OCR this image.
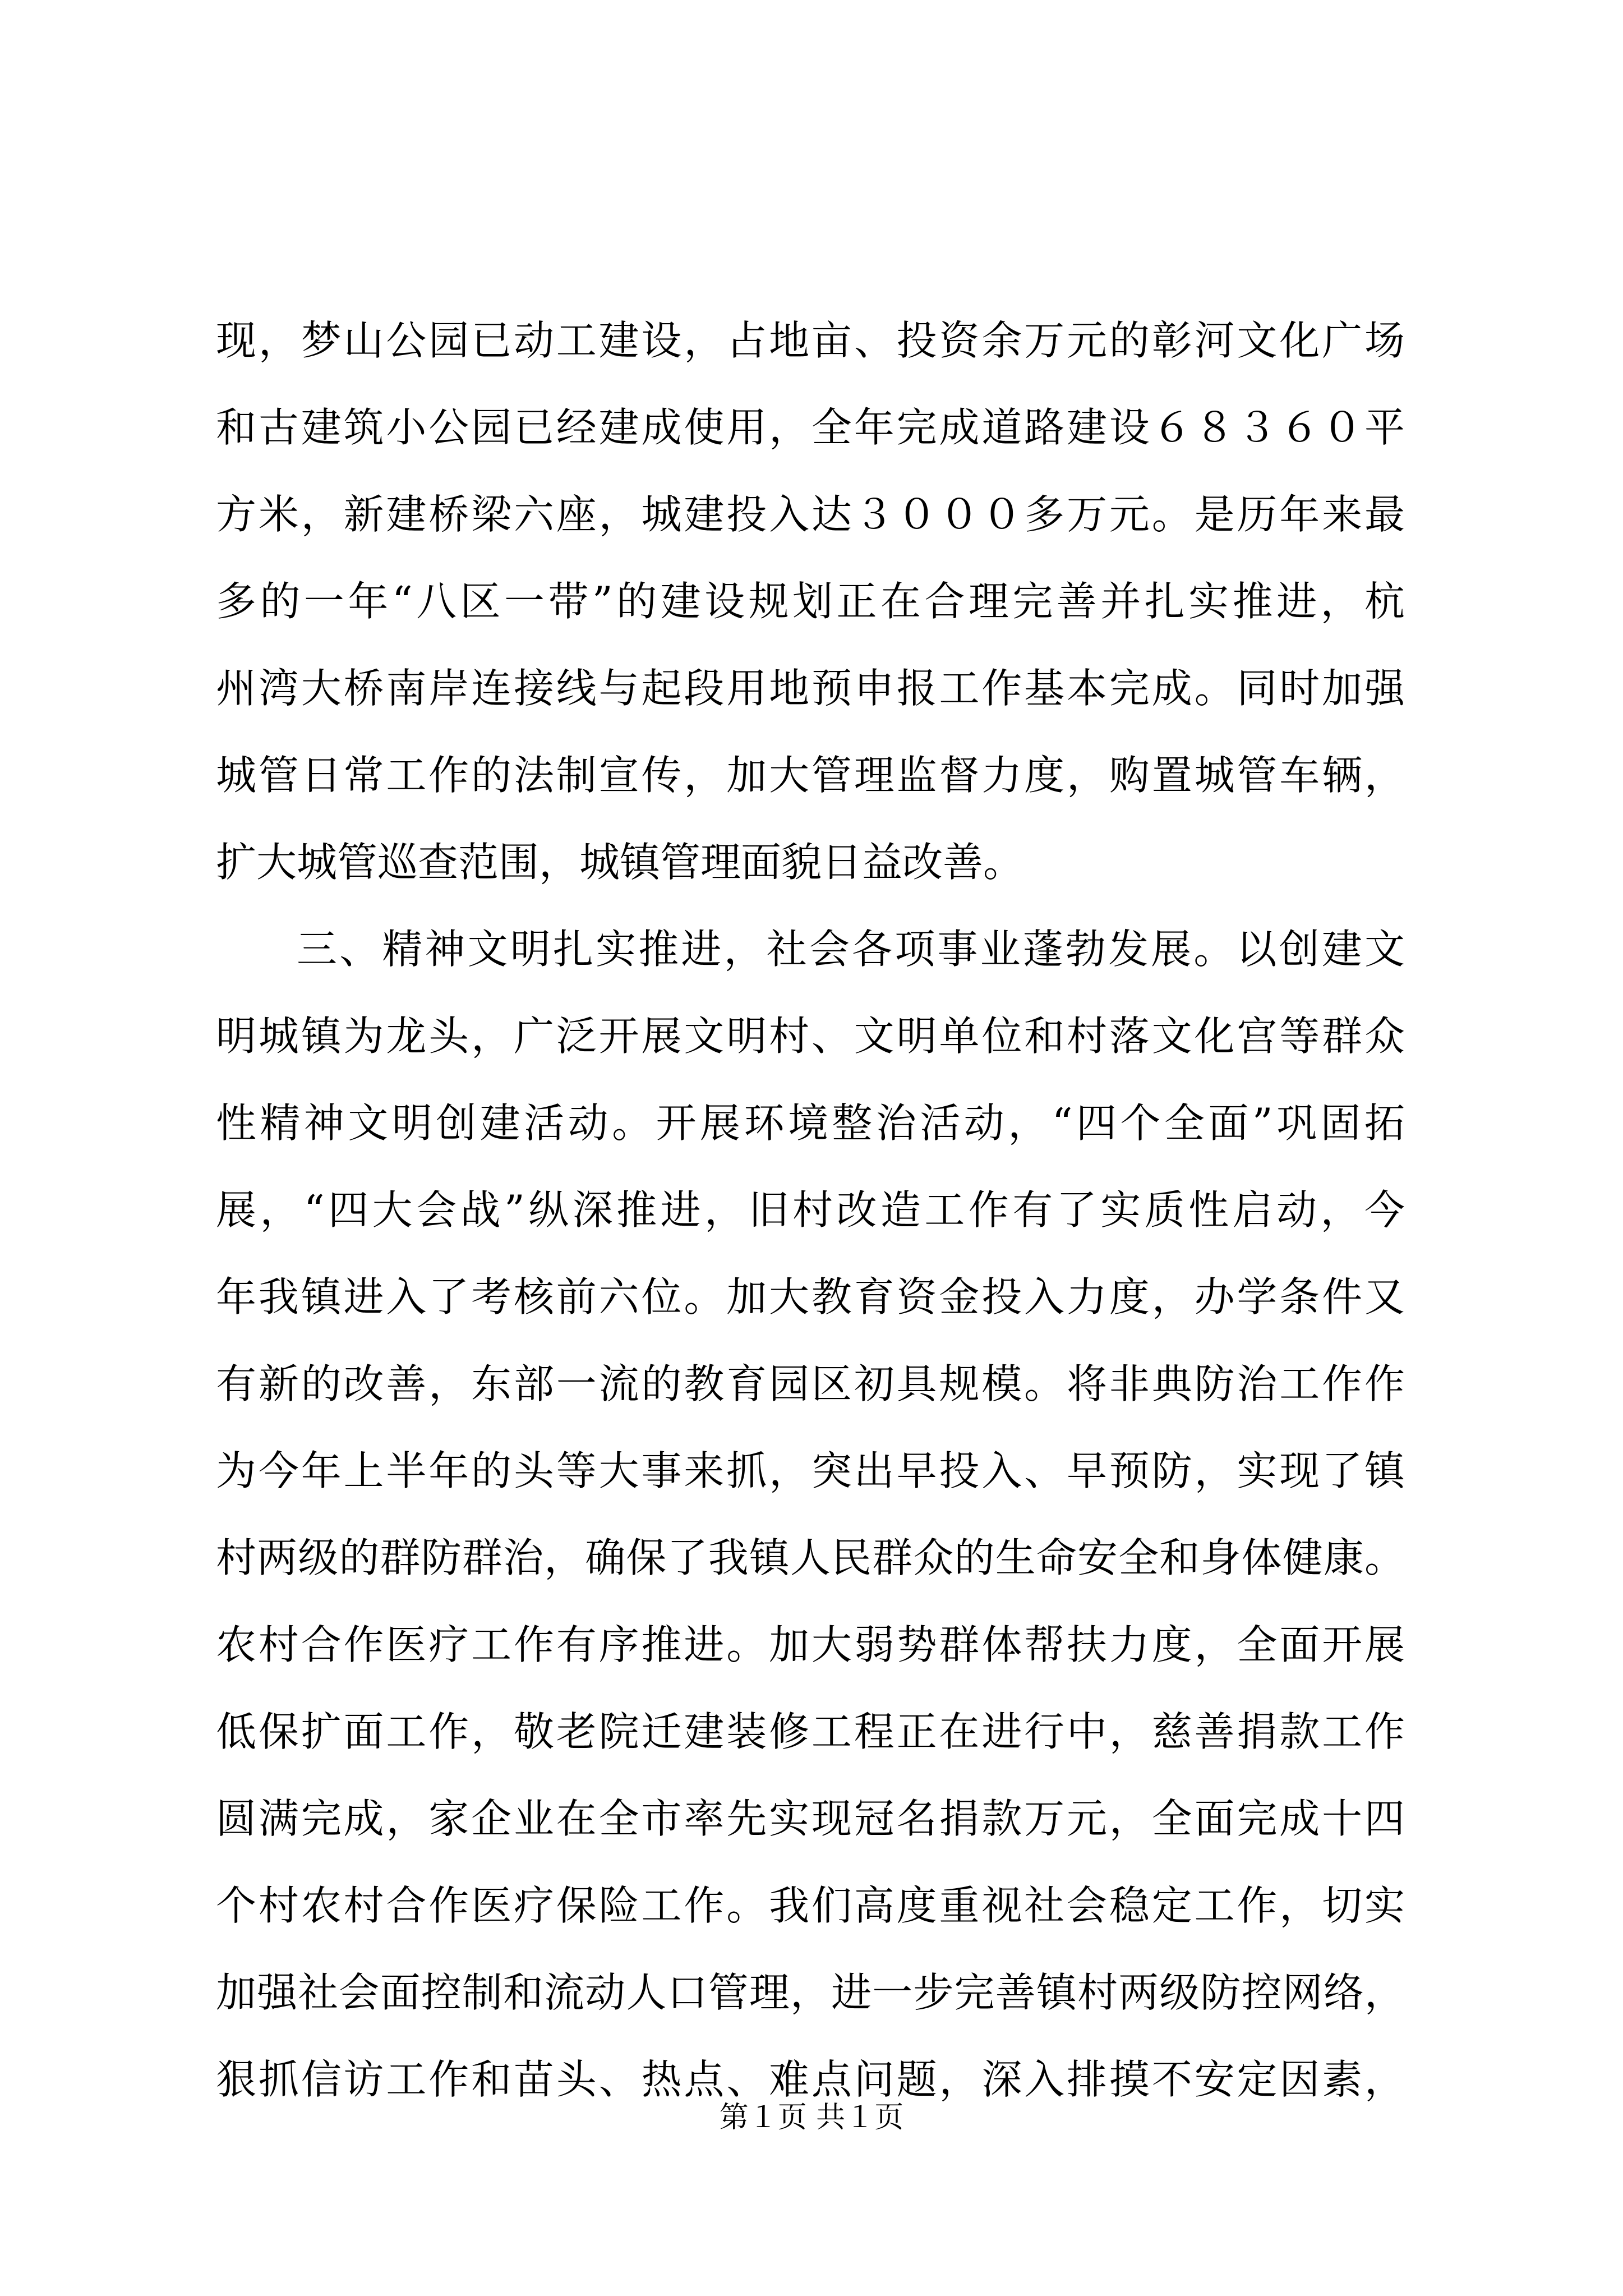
现，梦山公园已动工建设，占地亩、投资余万元的彰河文化广场
和古建筑小公园已经建成使用，全年完成道路建设６８３６０平
方米，新建桥梁六座，城建投入达３０００多万元。是历年来最
多的一年“八区一带”的建设规划正在合理完善并扎实推进，杭
州湾大桥南岸连接线与起段用地预申报工作基本完成。同时加强
城管日常工作的法制宣传，加大管理监督力度，购置城管车辆，
扩大城管巡查范围，城镇管理面貌日益改善。
三、精神文明扎实推进，社会各项事业蓬勃发展。以创建文
明城镇为龙头，广泛开展文明村、文明单位和村落文化宫等群众
性精神文明创建活动。开展环境整治活动，“四个全面”巩固拓
展，“四大会战”纵深推进，旧村改造工作有了实质性启动，今
年我镇进入了考核前六位。加大教育资金投入力度，办学条件又
有新的改善，东部一流的教育园区初具规模。将非典防治工作作
为今年上半年的头等大事来抓，突出早投入、早预防，实现了镇
村两级的群防群治，确保了我镇人民群众的生命安全和身体健康。
农村合作医疗工作有序推进。加大弱势群体帮扶力度，全面开展
低保扩面工作，敬老院迁建装修工程正在进行中，慈善捐款工作
圆满完成，家企业在全市率先实现冠名捐款万元，全面完成十四
个村农村合作医疗保险工作。我们高度重视社会稳定工作，切实
加强社会面控制和流动人口管理，进一步完善镇村两级防控网络，
狠抓信访工作和苗头、热点、难点问题，深入排摸不安定因素，
第１页 共１页
